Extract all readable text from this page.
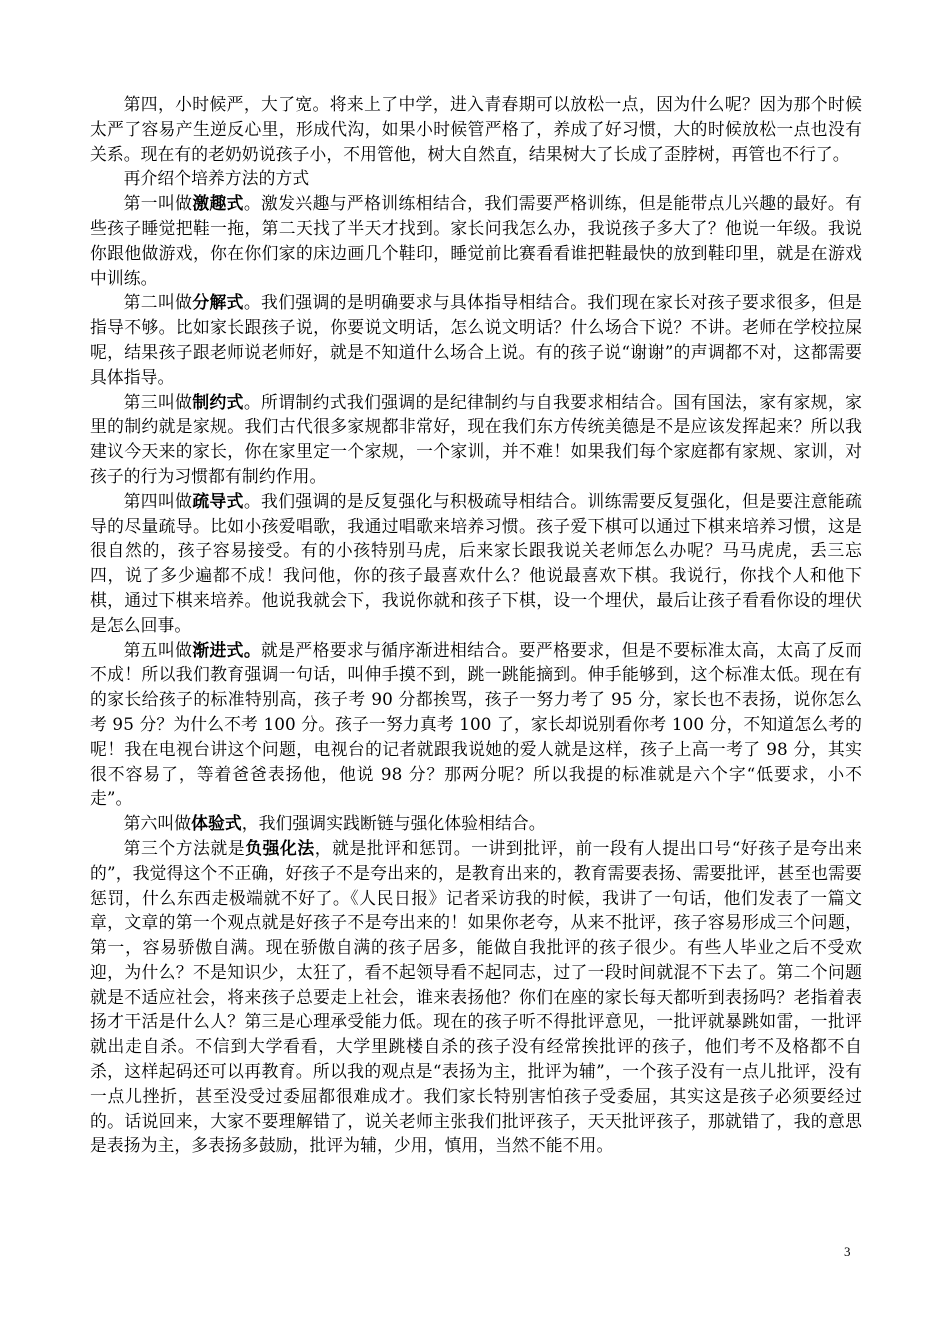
第四，小时候严，大了宽。将来上了中学，进入青春期可以放松一点，因为什么呢？因为那个时候太严了容易产生逆反心里，形成代沟，如果小时候管严格了，养成了好习惯，大的时候放松一点也没有关系。现在有的老奶奶说孩子小，不用管他，树大自然直，结果树大了长成了歪脖树，再管也不行了。

再介绍个培养方法的方式

第一叫做激趣式。激发兴趣与严格训练相结合，我们需要严格训练，但是能带点儿兴趣的最好。有些孩子睡觉把鞋一拖，第二天找了半天才找到。家长问我怎么办，我说孩子多大了？他说一年级。我说你跟他做游戏，你在你们家的床边画几个鞋印，睡觉前比赛看看谁把鞋最快的放到鞋印里，就是在游戏中训练。

第二叫做分解式。我们强调的是明确要求与具体指导相结合。我们现在家长对孩子要求很多，但是指导不够。比如家长跟孩子说，你要说文明话，怎么说文明话？什么场合下说？不讲。老师在学校拉屎呢，结果孩子跟老师说老师好，就是不知道什么场合上说。有的孩子说“谢谢”的声调都不对，这都需要具体指导。

第三叫做制约式。所谓制约式我们强调的是纪律制约与自我要求相结合。国有国法，家有家规，家里的制约就是家规。我们古代很多家规都非常好，现在我们东方传统美德是不是应该发挥起来？所以我建议今天来的家长，你在家里定一个家规，一个家训，并不难！如果我们每个家庭都有家规、家训，对孩子的行为习惯都有制约作用。

第四叫做疏导式。我们强调的是反复强化与积极疏导相结合。训练需要反复强化，但是要注意能疏导的尽量疏导。比如小孩爱唱歌，我通过唱歌来培养习惯。孩子爱下棋可以通过下棋来培养习惯，这是很自然的，孩子容易接受。有的小孩特别马虎，后来家长跟我说关老师怎么办呢？马马虎虎，丢三忘四，说了多少遍都不成！我问他，你的孩子最喜欢什么？他说最喜欢下棋。我说行，你找个人和他下棋，通过下棋来培养。他说我就会下，我说你就和孩子下棋，设一个埋伏，最后让孩子看看你设的埋伏是怎么回事。

第五叫做渐进式。就是严格要求与循序渐进相结合。要严格要求，但是不要标准太高，太高了反而不成！所以我们教育强调一句话，叫伸手摸不到，跳一跳能摘到。伸手能够到，这个标准太低。现在有的家长给孩子的标准特别高，孩子考 90 分都挨骂，孩子一努力考了 95 分，家长也不表扬，说你怎么考 95 分？为什么不考 100 分。孩子一努力真考 100 了，家长却说别看你考 100 分，不知道怎么考的呢！我在电视台讲这个问题，电视台的记者就跟我说她的爱人就是这样，孩子上高一考了 98 分，其实很不容易了，等着爸爸表扬他，他说 98 分？那两分呢？所以我提的标准就是六个字“低要求，小不走”。

第六叫做体验式，我们强调实践断链与强化体验相结合。

第三个方法就是负强化法，就是批评和惩罚。一讲到批评，前一段有人提出口号“好孩子是夸出来的”，我觉得这个不正确，好孩子不是夸出来的，是教育出来的，教育需要表扬、需要批评，甚至也需要惩罚，什么东西走极端就不好了。《人民日报》记者采访我的时候，我讲了一句话，他们发表了一篇文章，文章的第一个观点就是好孩子不是夸出来的！如果你老夸，从来不批评，孩子容易形成三个问题，第一，容易骄傲自满。现在骄傲自满的孩子居多，能做自我批评的孩子很少。有些人毕业之后不受欢迎，为什么？不是知识少，太狂了，看不起领导看不起同志，过了一段时间就混不下去了。第二个问题就是不适应社会，将来孩子总要走上社会，谁来表扬他？你们在座的家长每天都听到表扬吗？老指着表扬才干活是什么人？第三是心理承受能力低。现在的孩子听不得批评意见，一批评就暴跳如雷，一批评就出走自杀。不信到大学看看，大学里跳楼自杀的孩子没有经常挨批评的孩子，他们考不及格都不自杀，这样起码还可以再教育。所以我的观点是“表扬为主，批评为辅”，一个孩子没有一点儿批评，没有一点儿挫折，甚至没受过委屈都很难成才。我们家长特别害怕孩子受委屈，其实这是孩子必须要经过的。话说回来，大家不要理解错了，说关老师主张我们批评孩子，天天批评孩子，那就错了，我的意思是表扬为主，多表扬多鼓励，批评为辅，少用，慎用，当然不能不用。

3
